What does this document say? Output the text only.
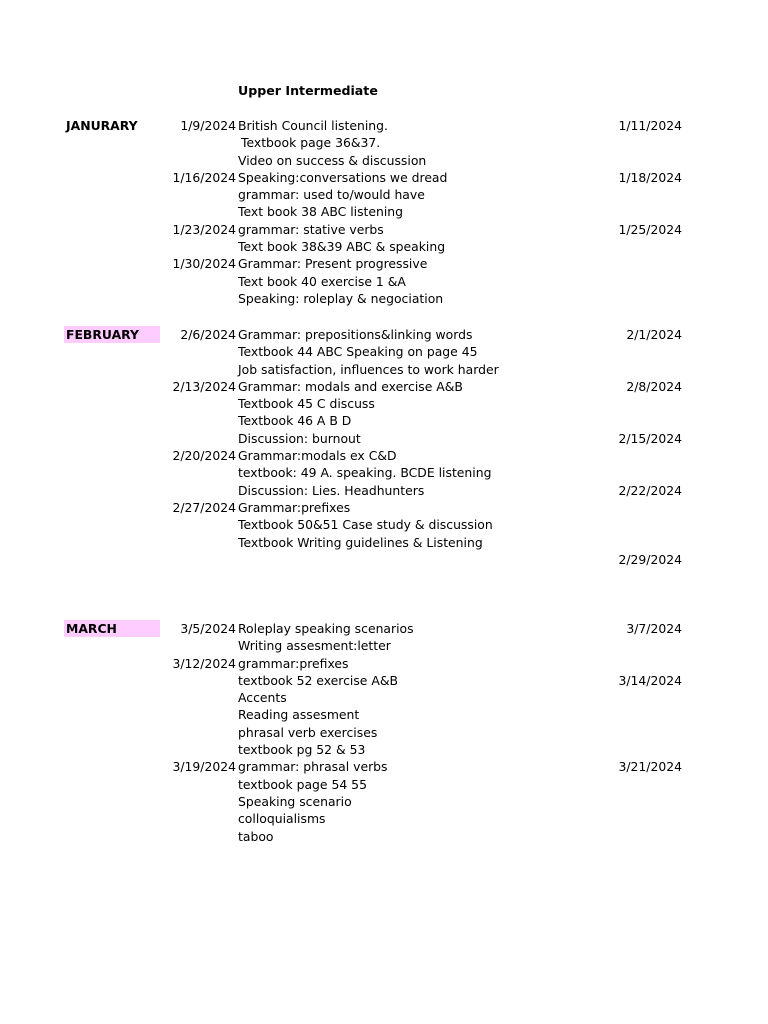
Upper Intermediate
JANURARY	1/9/2024 British Council listening.	1/11/2024
Textbook page 36&37.
Video on success & discussion
1/16/2024 Speaking:conversations we dread	1/18/2024
grammar: used to/would have
Text book 38 ABC listening
1/23/2024 grammar: stative verbs	1/25/2024
Text book 38&39 ABC & speaking
1/30/2024 Grammar: Present progressive
Text book 40 exercise 1 &A
Speaking: roleplay & negociation
FEBRUARY	2/6/2024 Grammar: prepositions&linking words	2/1/2024
Textbook 44 ABC Speaking on page 45
Job satisfaction, influences to work harder
2/13/2024 Grammar: modals and exercise A&B	2/8/2024
Textbook 45 C discuss
Textbook 46 A B D
Discussion: burnout	2/15/2024
2/20/2024 Grammar:modals ex C&D
textbook: 49 A. speaking. BCDE listening
Discussion: Lies. Headhunters	2/22/2024
2/27/2024 Grammar:prefixes
Textbook 50&51 Case study & discussion
Textbook Writing guidelines & Listening
2/29/2024
MARCH	3/5/2024 Roleplay speaking scenarios	3/7/2024
Writing assesment:letter
3/12/2024 grammar:prefixes
textbook 52 exercise A&B	3/14/2024
Accents
Reading assesment
phrasal verb exercises
textbook pg 52 & 53
3/19/2024 grammar: phrasal verbs	3/21/2024
textbook page 54 55
Speaking scenario
colloquialisms
taboo
